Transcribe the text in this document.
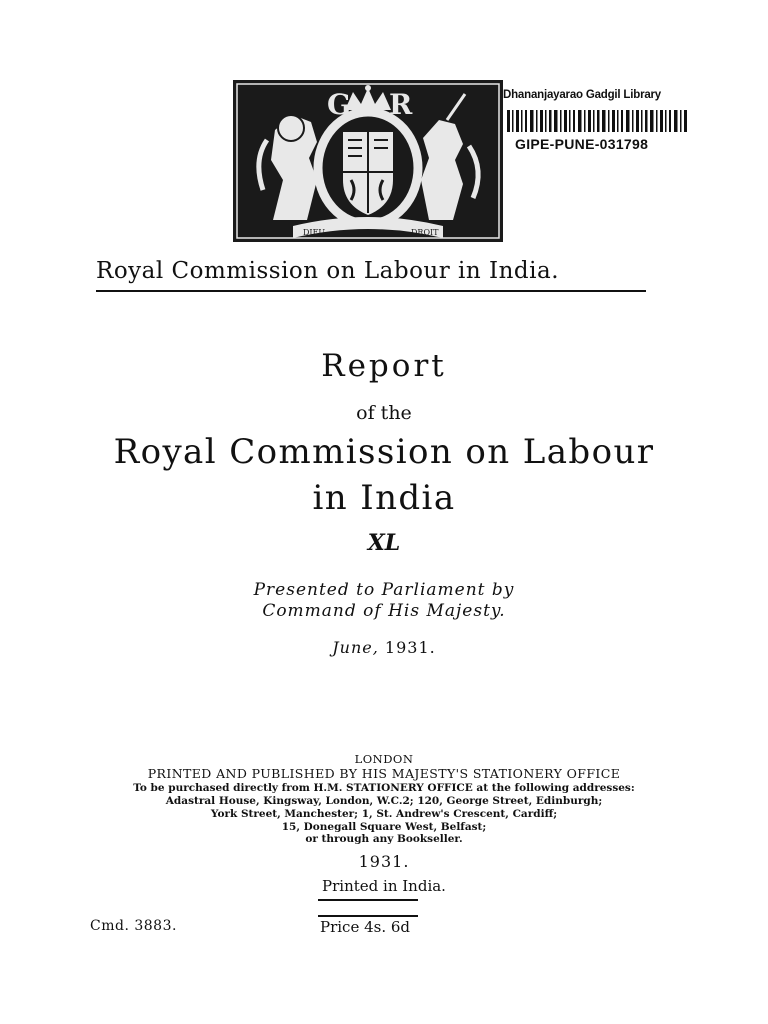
G R
DIEU	DROIT
Dhananjayarao Gadgil Library
GIPE-PUNE-031798
Royal Commission on Labour in India.
Report
of the
Royal Commission on Labour
in India
XL
Presented to Parliament by
Command of His Majesty.
June, 1931.
LONDON
PRINTED AND PUBLISHED BY HIS MAJESTY'S STATIONERY OFFICE
To be purchased directly from H.M. STATIONERY OFFICE at the following addresses:
Adastral House, Kingsway, London, W.C.2; 120, George Street, Edinburgh;
York Street, Manchester; 1, St. Andrew's Crescent, Cardiff;
15, Donegall Square West, Belfast;
or through any Bookseller.
1931.
Printed in India.
Price 4s. 6d
Cmd. 3883.
